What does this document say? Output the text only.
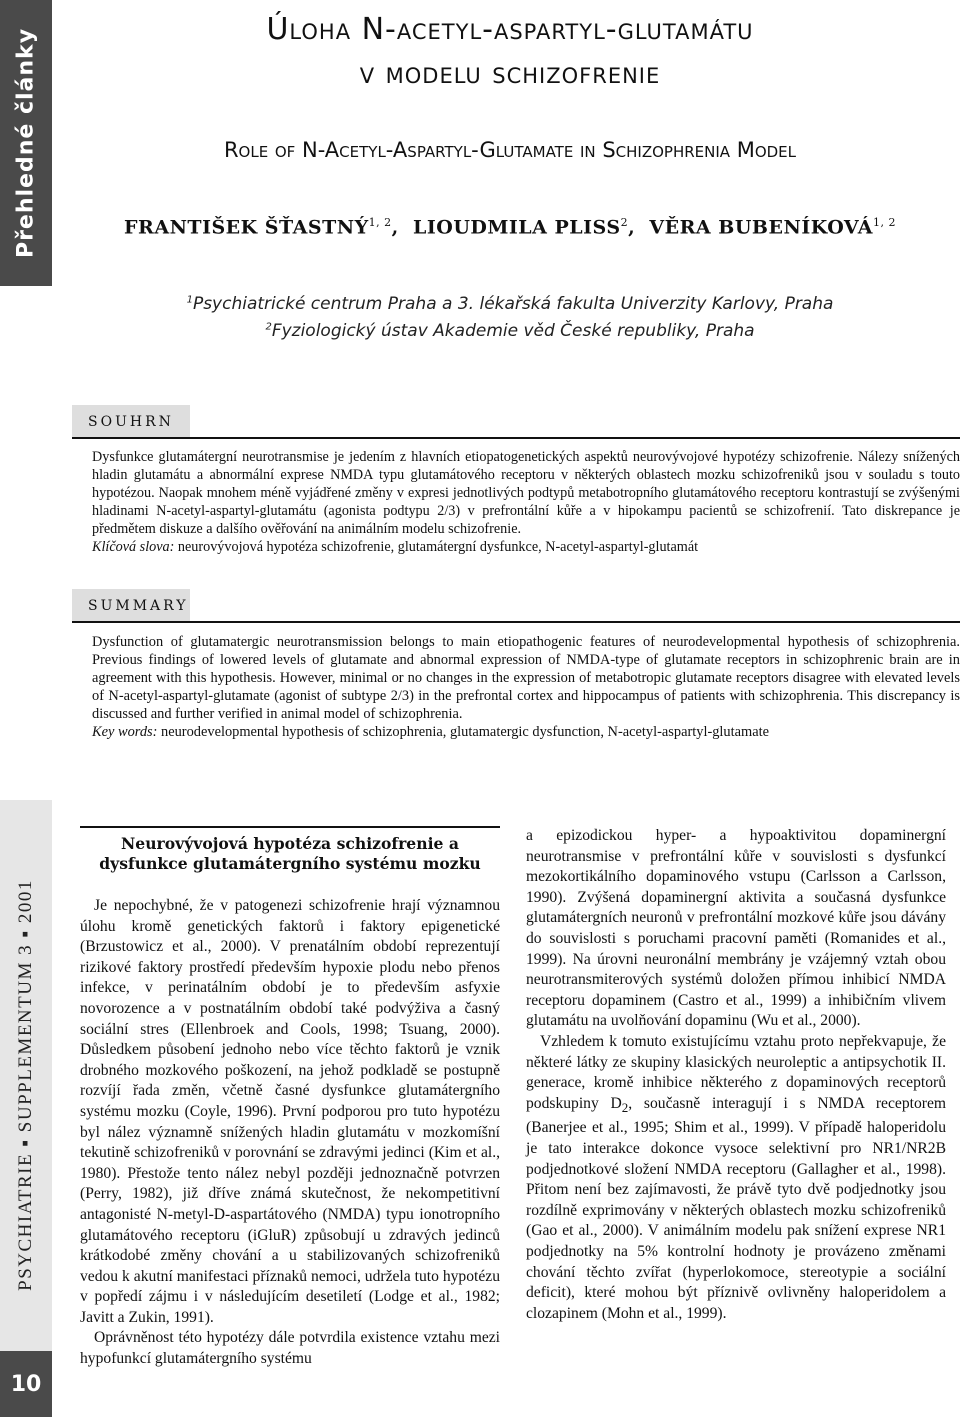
Přehledné články
PSYCHIATRIE ▪ SUPPLEMENTUM 3 ▪ 2001
10
Úloha N-acetyl-aspartyl-glutamátu
v modelu schizofrenie
Role of N-Acetyl-Aspartyl-Glutamate in Schizophrenia Model
FRANTIŠEK ŠŤASTNÝ$^{1, 2}$,  LIOUDMILA PLISS$^2$,  VĚRA BUBENÍKOVÁ$^{1, 2}$
$^1$Psychiatrické centrum Praha a 3. lékařská fakulta Univerzity Karlovy, Praha
$^2$Fyziologický ústav Akademie věd České republiky, Praha
SOUHRN

Dysfunkce glutamátergní neurotransmise je jedením z hlavních etiopatogenetických aspektů neurovývojové hypotézy schizofrenie. Nálezy snížených hladin glutamátu a abnormální exprese NMDA typu glutamátového receptoru v některých oblastech mozku schizofreniků jsou v souladu s touto hypotézou. Naopak mnohem méně vyjádřené změny v expresi jednotlivých podtypů metabotropního glutamátového receptoru kontrastují se zvýšenými hladinami N-acetyl-aspartyl-glutamátu (agonista podtypu 2/3) v prefrontální kůře a v hipokampu pacientů se schizofrenií. Tato diskrepance je předmětem diskuze a dalšího ověřování na animálním modelu schizofrenie.

Klíčová slova: neurovývojová hypotéza schizofrenie, glutamátergní dysfunkce, N-acetyl-aspartyl-glutamát

SUMMARY

Dysfunction of glutamatergic neurotransmission belongs to main etiopathogenic features of neurodevelopmental hypothesis of schizophrenia. Previous findings of lowered levels of glutamate and abnormal expression of NMDA-type of glutamate receptors in schizophrenic brain are in agreement with this hypothesis. However, minimal or no changes in the expression of metabotropic glutamate receptors disagree with elevated levels of N-acetyl-aspartyl-glutamate (agonist of subtype 2/3) in the prefrontal cortex and hippocampus of patients with schizophrenia. This discrepancy is discussed and further verified in animal model of schizophrenia.

Key words: neurodevelopmental hypothesis of schizophrenia, glutamatergic dysfunction, N-acetyl-aspartyl-glutamate

Neurovývojová hypotéza schizofrenie a dysfunkce glutamátergního systému mozku

Je nepochybné, že v patogenezi schizofrenie hrají významnou úlohu kromě genetických faktorů i faktory epigenetické (Brzustowicz et al., 2000). V prenatálním období reprezentují rizikové faktory prostředí především hypoxie plodu nebo přenos infekce, v perinatálním období je to především asfyxie novorozence a v postnatálním období také podvýživa a časný sociální stres (Ellenbroek and Cools, 1998; Tsuang, 2000). Důsledkem působení jednoho nebo více těchto faktorů je vznik drobného mozkového poškození, na jehož podkladě se postupně rozvíjí řada změn, včetně časné dysfunkce glutamátergního systému mozku (Coyle, 1996). První podporou pro tuto hypotézu byl nález významně snížených hladin glutamátu v mozkomíšní tekutině schizofreniků v porovnání se zdravými jedinci (Kim et al., 1980). Přestože tento nález nebyl později jednoznačně potvrzen (Perry, 1982), již dříve známá skutečnost, že nekompetitivní antagonisté N-metyl-D-aspartátového (NMDA) typu ionotropního glutamátového receptoru (iGluR) způsobují u zdravých jedinců krátkodobé změny chování a u stabilizovaných schizofreniků vedou k akutní manifestaci příznaků nemoci, udržela tuto hypotézu v popředí zájmu i v následujícím desetiletí (Lodge et al., 1982; Javitt a Zukin, 1991).

Oprávněnost této hypotézy dále potvrdila existence vztahu mezi hypofunkcí glutamátergního systému

a epizodickou hyper- a hypoaktivitou dopaminergní neurotransmise v prefrontální kůře v souvislosti s dysfunkcí mezokortikálního dopaminového vstupu (Carlsson a Carlsson, 1990). Zvýšená dopaminergní aktivita a současná dysfunkce glutamátergních neuronů v prefrontální mozkové kůře jsou dávány do souvislosti s poruchami pracovní paměti (Romanides et al., 1999). Na úrovni neuronální membrány je vzájemný vztah obou neurotransmiterových systémů doložen přímou inhibicí NMDA receptoru dopaminem (Castro et al., 1999) a inhibičním vlivem glutamátu na uvolňování dopaminu (Wu et al., 2000).

Vzhledem k tomuto existujícímu vztahu proto nepřekvapuje, že některé látky ze skupiny klasických neuroleptic a antipsychotik II. generace, kromě inhibice některého z dopaminových receptorů podskupiny $D_2$, současně interagují i s NMDA receptorem (Banerjee et al., 1995; Shim et al., 1999). V případě haloperidolu je tato interakce dokonce vysoce selektivní pro NR1/NR2B podjednotkové složení NMDA receptoru (Gallagher et al., 1998). Přitom není bez zajímavosti, že právě tyto dvě podjednotky jsou rozdílně exprimovány v některých oblastech mozku schizofreniků (Gao et al., 2000). V animálním modelu pak snížení exprese NR1 podjednotky na 5% kontrolní hodnoty je provázeno změnami chování těchto zvířat (hyperlokomoce, stereotypie a sociální deficit), které mohou být příznivě ovlivněny haloperidolem a clozapinem (Mohn et al., 1999).
